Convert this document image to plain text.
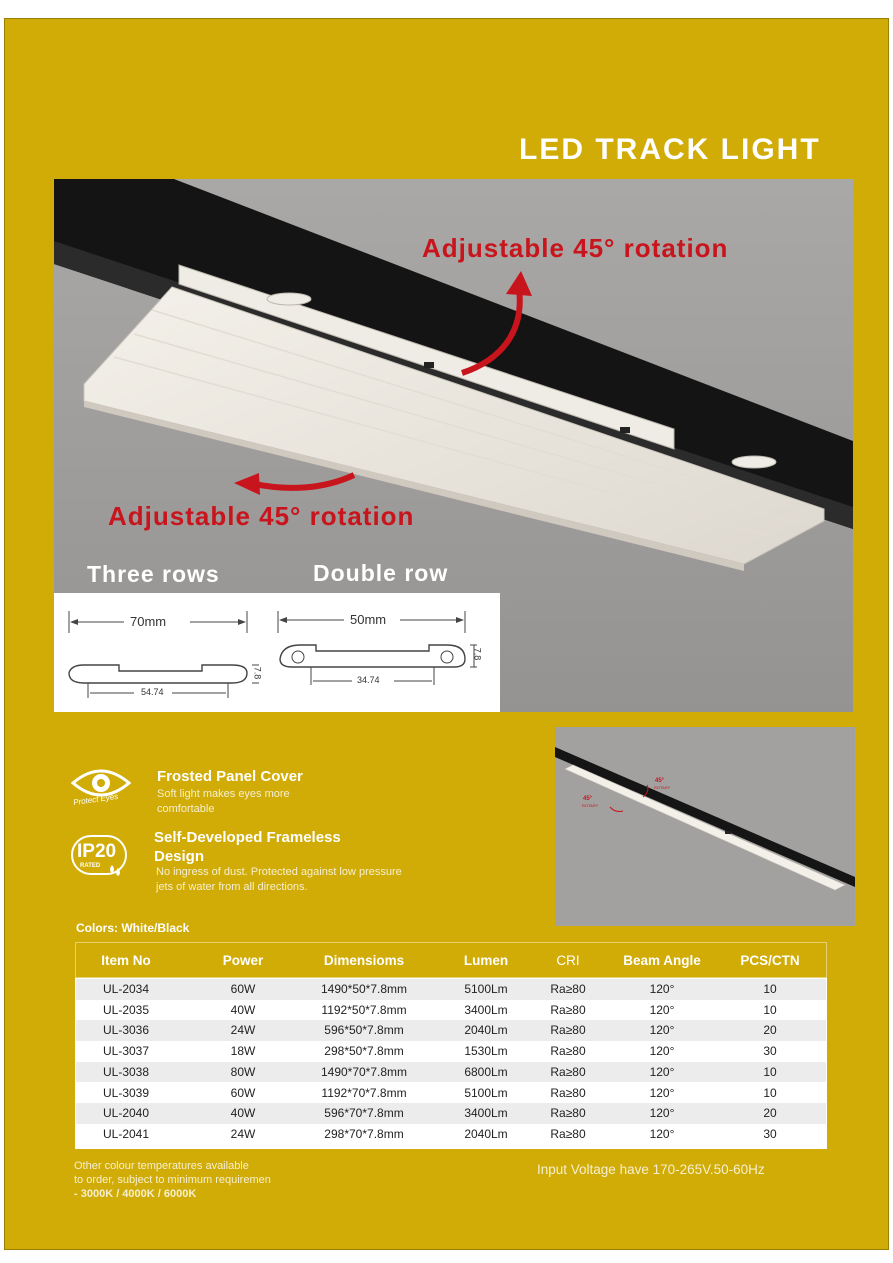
LED TRACK LIGHT
Adjustable 45° rotation
Adjustable 45° rotation
Three rows	Double row
70mm
54.74
7.8
50mm
34.74
7.8
45°
ROTARY
45°
ROTARY
Protect Eyes
Frosted Panel Cover
Soft light makes eyes more comfortable
IP20
RATED
Self-Developed Frameless Design
No ingress of dust. Protected against low pressure jets of water from all directions.
Colors: White/Black
Item No	Power	Dimensioms	Lumen	CRI	Beam Angle	PCS/CTN
UL-2034	60W	1490*50*7.8mm	5100Lm	Ra≥80	120°	10
UL-2035	40W	1192*50*7.8mm	3400Lm	Ra≥80	120°	10
UL-3036	24W	596*50*7.8mm	2040Lm	Ra≥80	120°	20
UL-3037	18W	298*50*7.8mm	1530Lm	Ra≥80	120°	30
UL-3038	80W	1490*70*7.8mm	6800Lm	Ra≥80	120°	10
UL-3039	60W	1192*70*7.8mm	5100Lm	Ra≥80	120°	10
UL-2040	40W	596*70*7.8mm	3400Lm	Ra≥80	120°	20
UL-2041	24W	298*70*7.8mm	2040Lm	Ra≥80	120°	30
Other colour temperatures available
to order, subject to minimum requiremen
- 3000K / 4000K / 6000K
Input Voltage have 170-265V.50-60Hz
